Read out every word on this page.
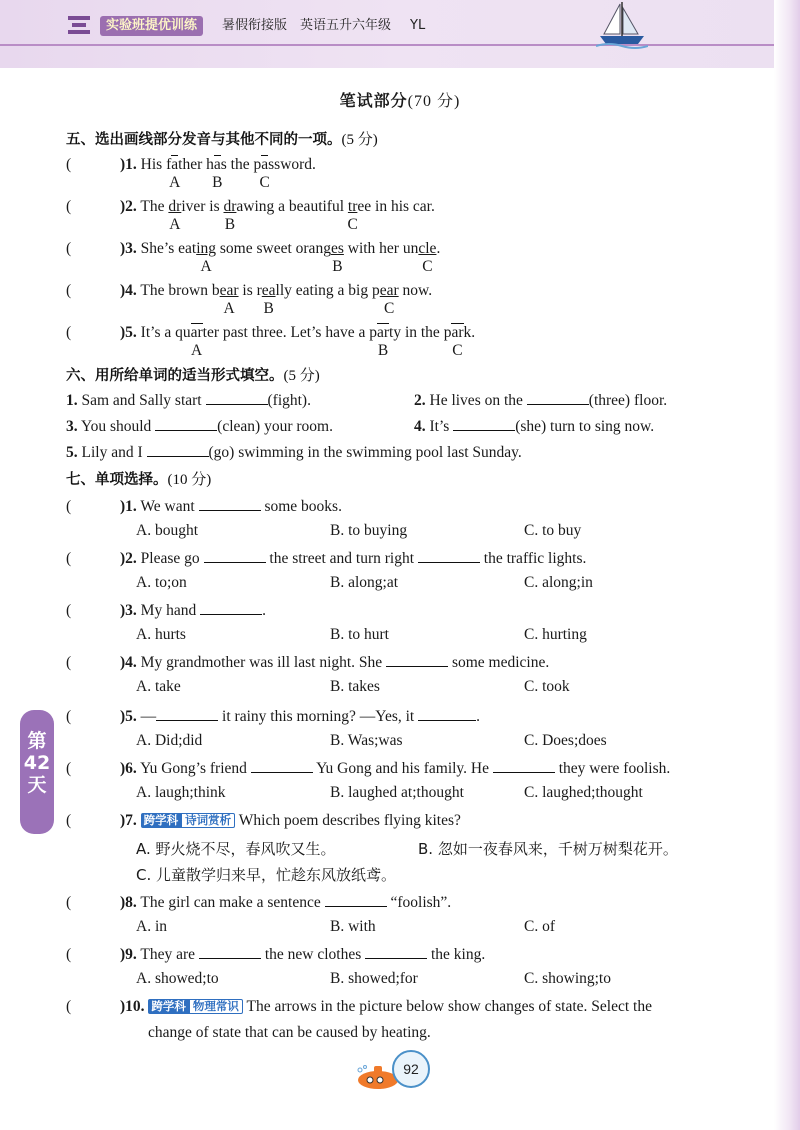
实验班提优训练	暑假衔接版 英语五升六年级 YL
第
42
天
笔试部分(70 分)
五、选出画线部分发音与其他不同的一项。(5 分)
(	)1. His fa
A
ther ha
B
s the pa
C
ssword.
(	)2. The $\frac{dr}{A}$ iver is $\frac{dr}{B}$ awing a beautiful $\frac{tr}{C}$ ee in his car.
(	)3. She’s eating
A
some sweet $orang\frac{es}{B}$ with her uncle
C
.
(	)4. The brown bear
A
is $r\frac{ea}{B}$ lly eating a big pear
C
now.
(	)5. It’s a quar
A
ter past three. Let’s have a par
B
ty in the par
C
k.
六、用所给单词的适当形式填空。(5 分)
1. Sam and Sally start	(fight).	2. He lives on the	(three) floor.
3. You should	(clean) your room.	4. It’s	(she) turn to sing now.
5. Lily and I	(go) swimming in the swimming pool last Sunday.
七、单项选择。(10 分)
(	)1. We want	some books.
A. bought	B. to buying	C. to buy
(	)2. Please go	the street and turn right	the traffic lights.
A. to;on	B. along;at	C. along;in
(	)3. My hand	.
A. hurts	B. to hurt	C. hurting
(	)4. My grandmother was ill last night. She	some medicine.
A. take	B. takes	C. took
(	)5. —	it rainy this morning? —Yes, it	.
A. Did;did	B. Was;was	C. Does;does
(	)6. Yu Gong’s friend	Yu Gong and his family. He	they were foolish.
A. laugh;think	B. laughed at;thought	C. laughed;thought
(	)7. 跨学科 诗词赏析 Which poem describes flying kites?
A. 野火烧不尽，春风吹又生。	B. 忽如一夜春风来，千树万树梨花开。
C. 儿童散学归来早，忙趁东风放纸鸢。
(	)8. The girl can make a sentence	“foolish”.
A. in	B. with	C. of
(	)9. They are	the new clothes	the king.
A. showed;to	B. showed;for	C. showing;to
(	)10. 跨学科 物理常识 The arrows in the picture below show changes of state. Select the
change of state that can be caused by heating.
92
